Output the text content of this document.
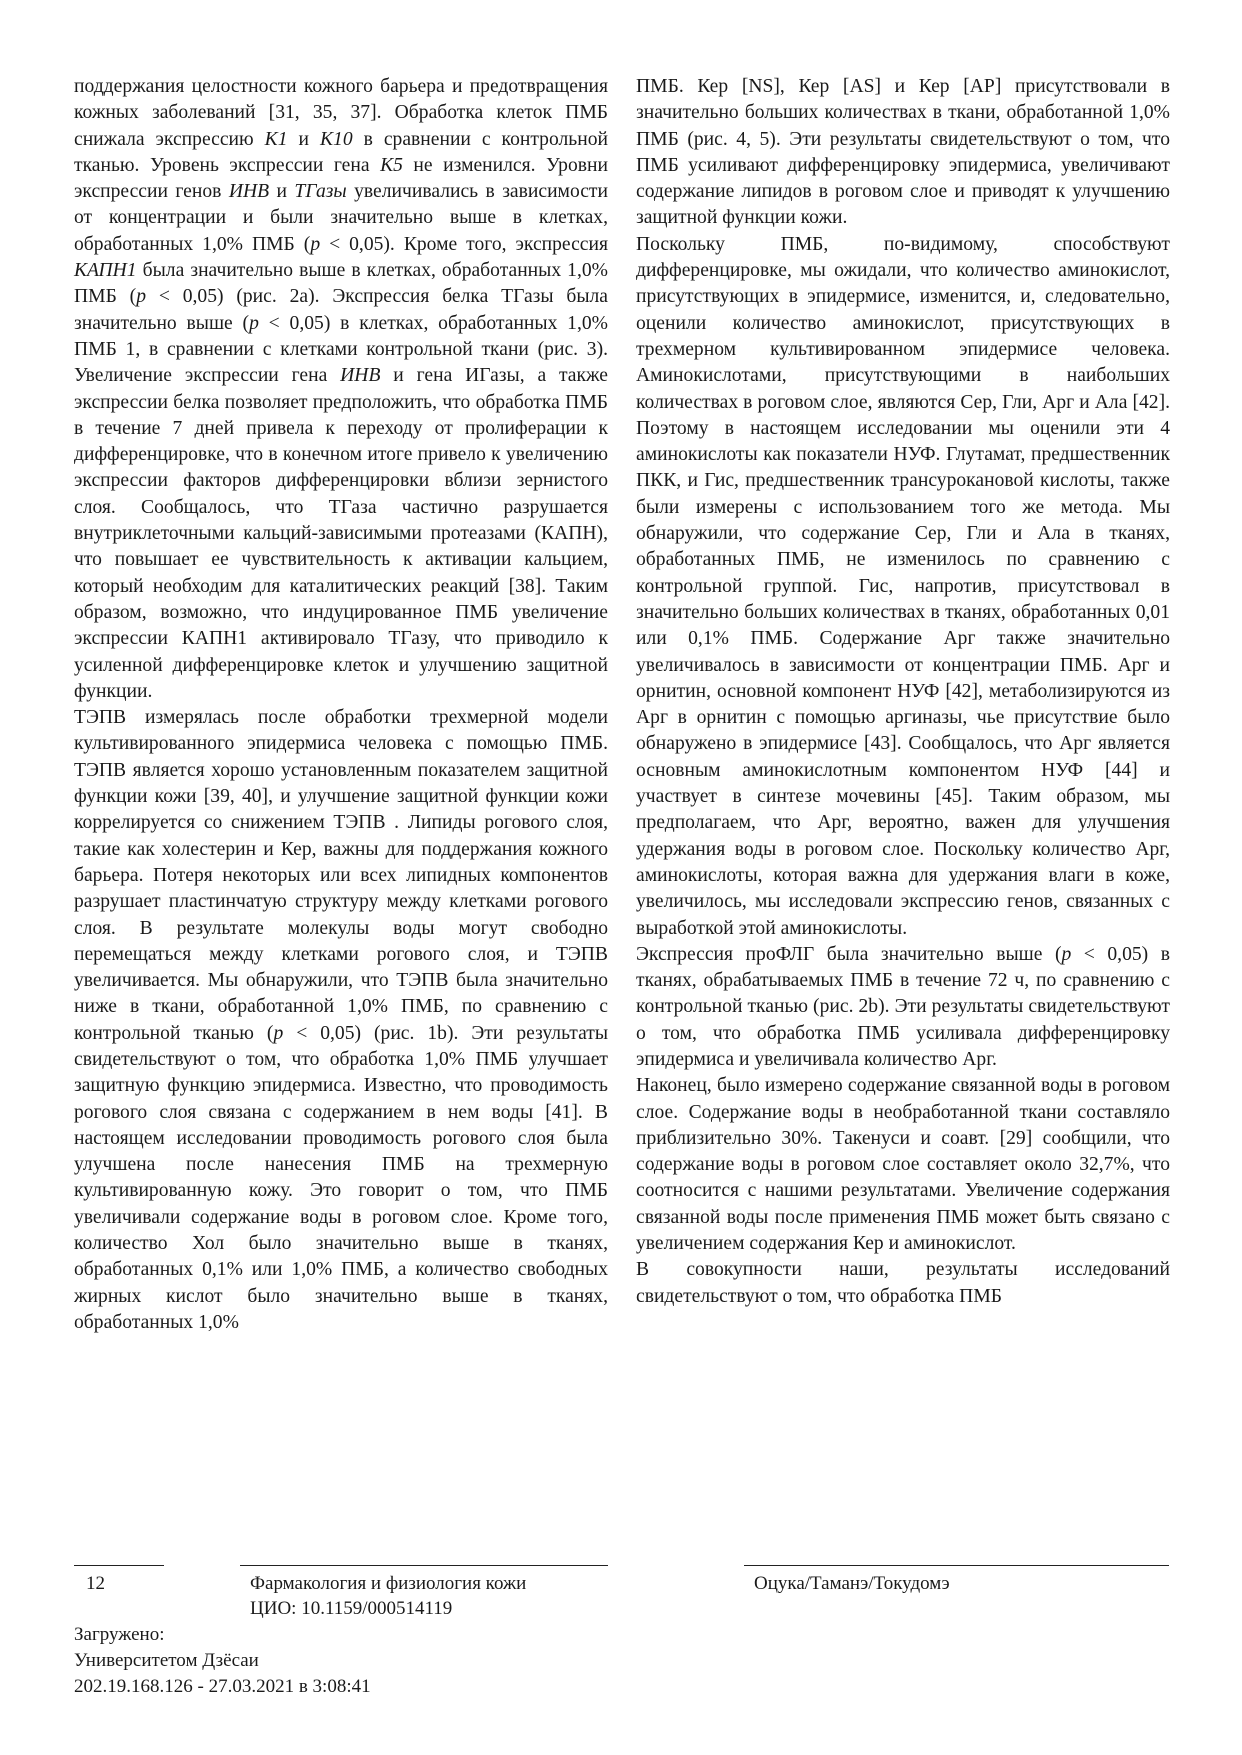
поддержания целостности кожного барьера и предотвращения кожных заболеваний [31, 35, 37]. Обработка клеток ПМБ снижала экспрессию K1 и K10 в сравнении с контрольной тканью. Уровень экспрессии гена K5 не изменился. Уровни экспрессии генов ИНВ и ТГазы увеличивались в зависимости от концентрации и были значительно выше в клетках, обработанных 1,0% ПМБ (p < 0,05). Кроме того, экспрессия КАПН1 была значительно выше в клетках, обработанных 1,0% ПМБ (p < 0,05) (рис. 2a). Экспрессия белка ТГазы была значительно выше (p < 0,05) в клетках, обработанных 1,0% ПМБ 1, в сравнении с клетками контрольной ткани (рис. 3). Увеличение экспрессии гена ИНВ и гена ИГазы, а также экспрессии белка позволяет предположить, что обработка ПМБ в течение 7 дней привела к переходу от пролиферации к дифференцировке, что в конечном итоге привело к увеличению экспрессии факторов дифференцировки вблизи зернистого слоя. Сообщалось, что ТГаза частично разрушается внутриклеточными кальций-зависимыми протеазами (КАПН), что повышает ее чувствительность к активации кальцием, который необходим для каталитических реакций [38]. Таким образом, возможно, что индуцированное ПМБ увеличение экспрессии КАПН1 активировало ТГазу, что приводило к усиленной дифференцировке клеток и улучшению защитной функции.

ТЭПВ измерялась после обработки трехмерной модели культивированного эпидермиса человека с помощью ПМБ. ТЭПВ является хорошо установленным показателем защитной функции кожи [39, 40], и улучшение защитной функции кожи коррелируется со снижением ТЭПВ . Липиды рогового слоя, такие как холестерин и Кер, важны для поддержания кожного барьера. Потеря некоторых или всех липидных компонентов разрушает пластинчатую структуру между клетками рогового слоя. В результате молекулы воды могут свободно перемещаться между клетками рогового слоя, и ТЭПВ увеличивается. Мы обнаружили, что ТЭПВ была значительно ниже в ткани, обработанной 1,0% ПМБ, по сравнению с контрольной тканью (p < 0,05) (рис. 1b). Эти результаты свидетельствуют о том, что обработка 1,0% ПМБ улучшает защитную функцию эпидермиса. Известно, что проводимость рогового слоя связана с содержанием в нем воды [41]. В настоящем исследовании проводимость рогового слоя была улучшена после нанесения ПМБ на трехмерную культивированную кожу. Это говорит о том, что ПМБ увеличивали содержание воды в роговом слое. Кроме того, количество Хол было значительно выше в тканях, обработанных 0,1% или 1,0% ПМБ, а количество свободных жирных кислот было значительно выше в тканях, обработанных 1,0%

ПМБ. Кер [NS], Кер [AS] и Кер [AP] присутствовали в значительно больших количествах в ткани, обработанной 1,0% ПМБ (рис. 4, 5). Эти результаты свидетельствуют о том, что ПМБ усиливают дифференцировку эпидермиса, увеличивают содержание липидов в роговом слое и приводят к улучшению защитной функции кожи.

Поскольку ПМБ, по-видимому, способствуют дифференцировке, мы ожидали, что количество аминокислот, присутствующих в эпидермисе, изменится, и, следовательно, оценили количество аминокислот, присутствующих в трехмерном культивированном эпидермисе человека. Аминокислотами, присутствующими в наибольших количествах в роговом слое, являются Сер, Гли, Арг и Ала [42]. Поэтому в настоящем исследовании мы оценили эти 4 аминокислоты как показатели НУФ. Глутамат, предшественник ПКК, и Гис, предшественник трансурокановой кислоты, также были измерены с использованием того же метода. Мы обнаружили, что содержание Сер, Гли и Ала в тканях, обработанных ПМБ, не изменилось по сравнению с контрольной группой. Гис, напротив, присутствовал в значительно больших количествах в тканях, обработанных 0,01 или 0,1% ПМБ. Содержание Арг также значительно увеличивалось в зависимости от концентрации ПМБ. Арг и орнитин, основной компонент НУФ [42], метаболизируются из Арг в орнитин с помощью аргиназы, чье присутствие было обнаружено в эпидермисе [43]. Сообщалось, что Арг является основным аминокислотным компонентом НУФ [44] и участвует в синтезе мочевины [45]. Таким образом, мы предполагаем, что Арг, вероятно, важен для улучшения удержания воды в роговом слое. Поскольку количество Арг, аминокислоты, которая важна для удержания влаги в коже, увеличилось, мы исследовали экспрессию генов, связанных с выработкой этой аминокислоты.

Экспрессия проФЛГ была значительно выше (p < 0,05) в тканях, обрабатываемых ПМБ в течение 72 ч, по сравнению с контрольной тканью (рис. 2b). Эти результаты свидетельствуют о том, что обработка ПМБ усиливала дифференцировку эпидермиса и увеличивала количество Арг.

Наконец, было измерено содержание связанной воды в роговом слое. Содержание воды в необработанной ткани составляло приблизительно 30%. Такенуси и соавт. [29] сообщили, что содержание воды в роговом слое составляет около 32,7%, что соотносится с нашими результатами. Увеличение содержания связанной воды после применения ПМБ может быть связано с увеличением содержания Кер и аминокислот.

В совокупности наши, результаты исследований свидетельствуют о том, что обработка ПМБ

12	Фармакология и физиология кожи
ЦИО: 10.1159/000514119
Оцука/Таманэ/Токудомэ
Загружено:
Университетом Дзёсаи
202.19.168.126 - 27.03.2021 в 3:08:41
